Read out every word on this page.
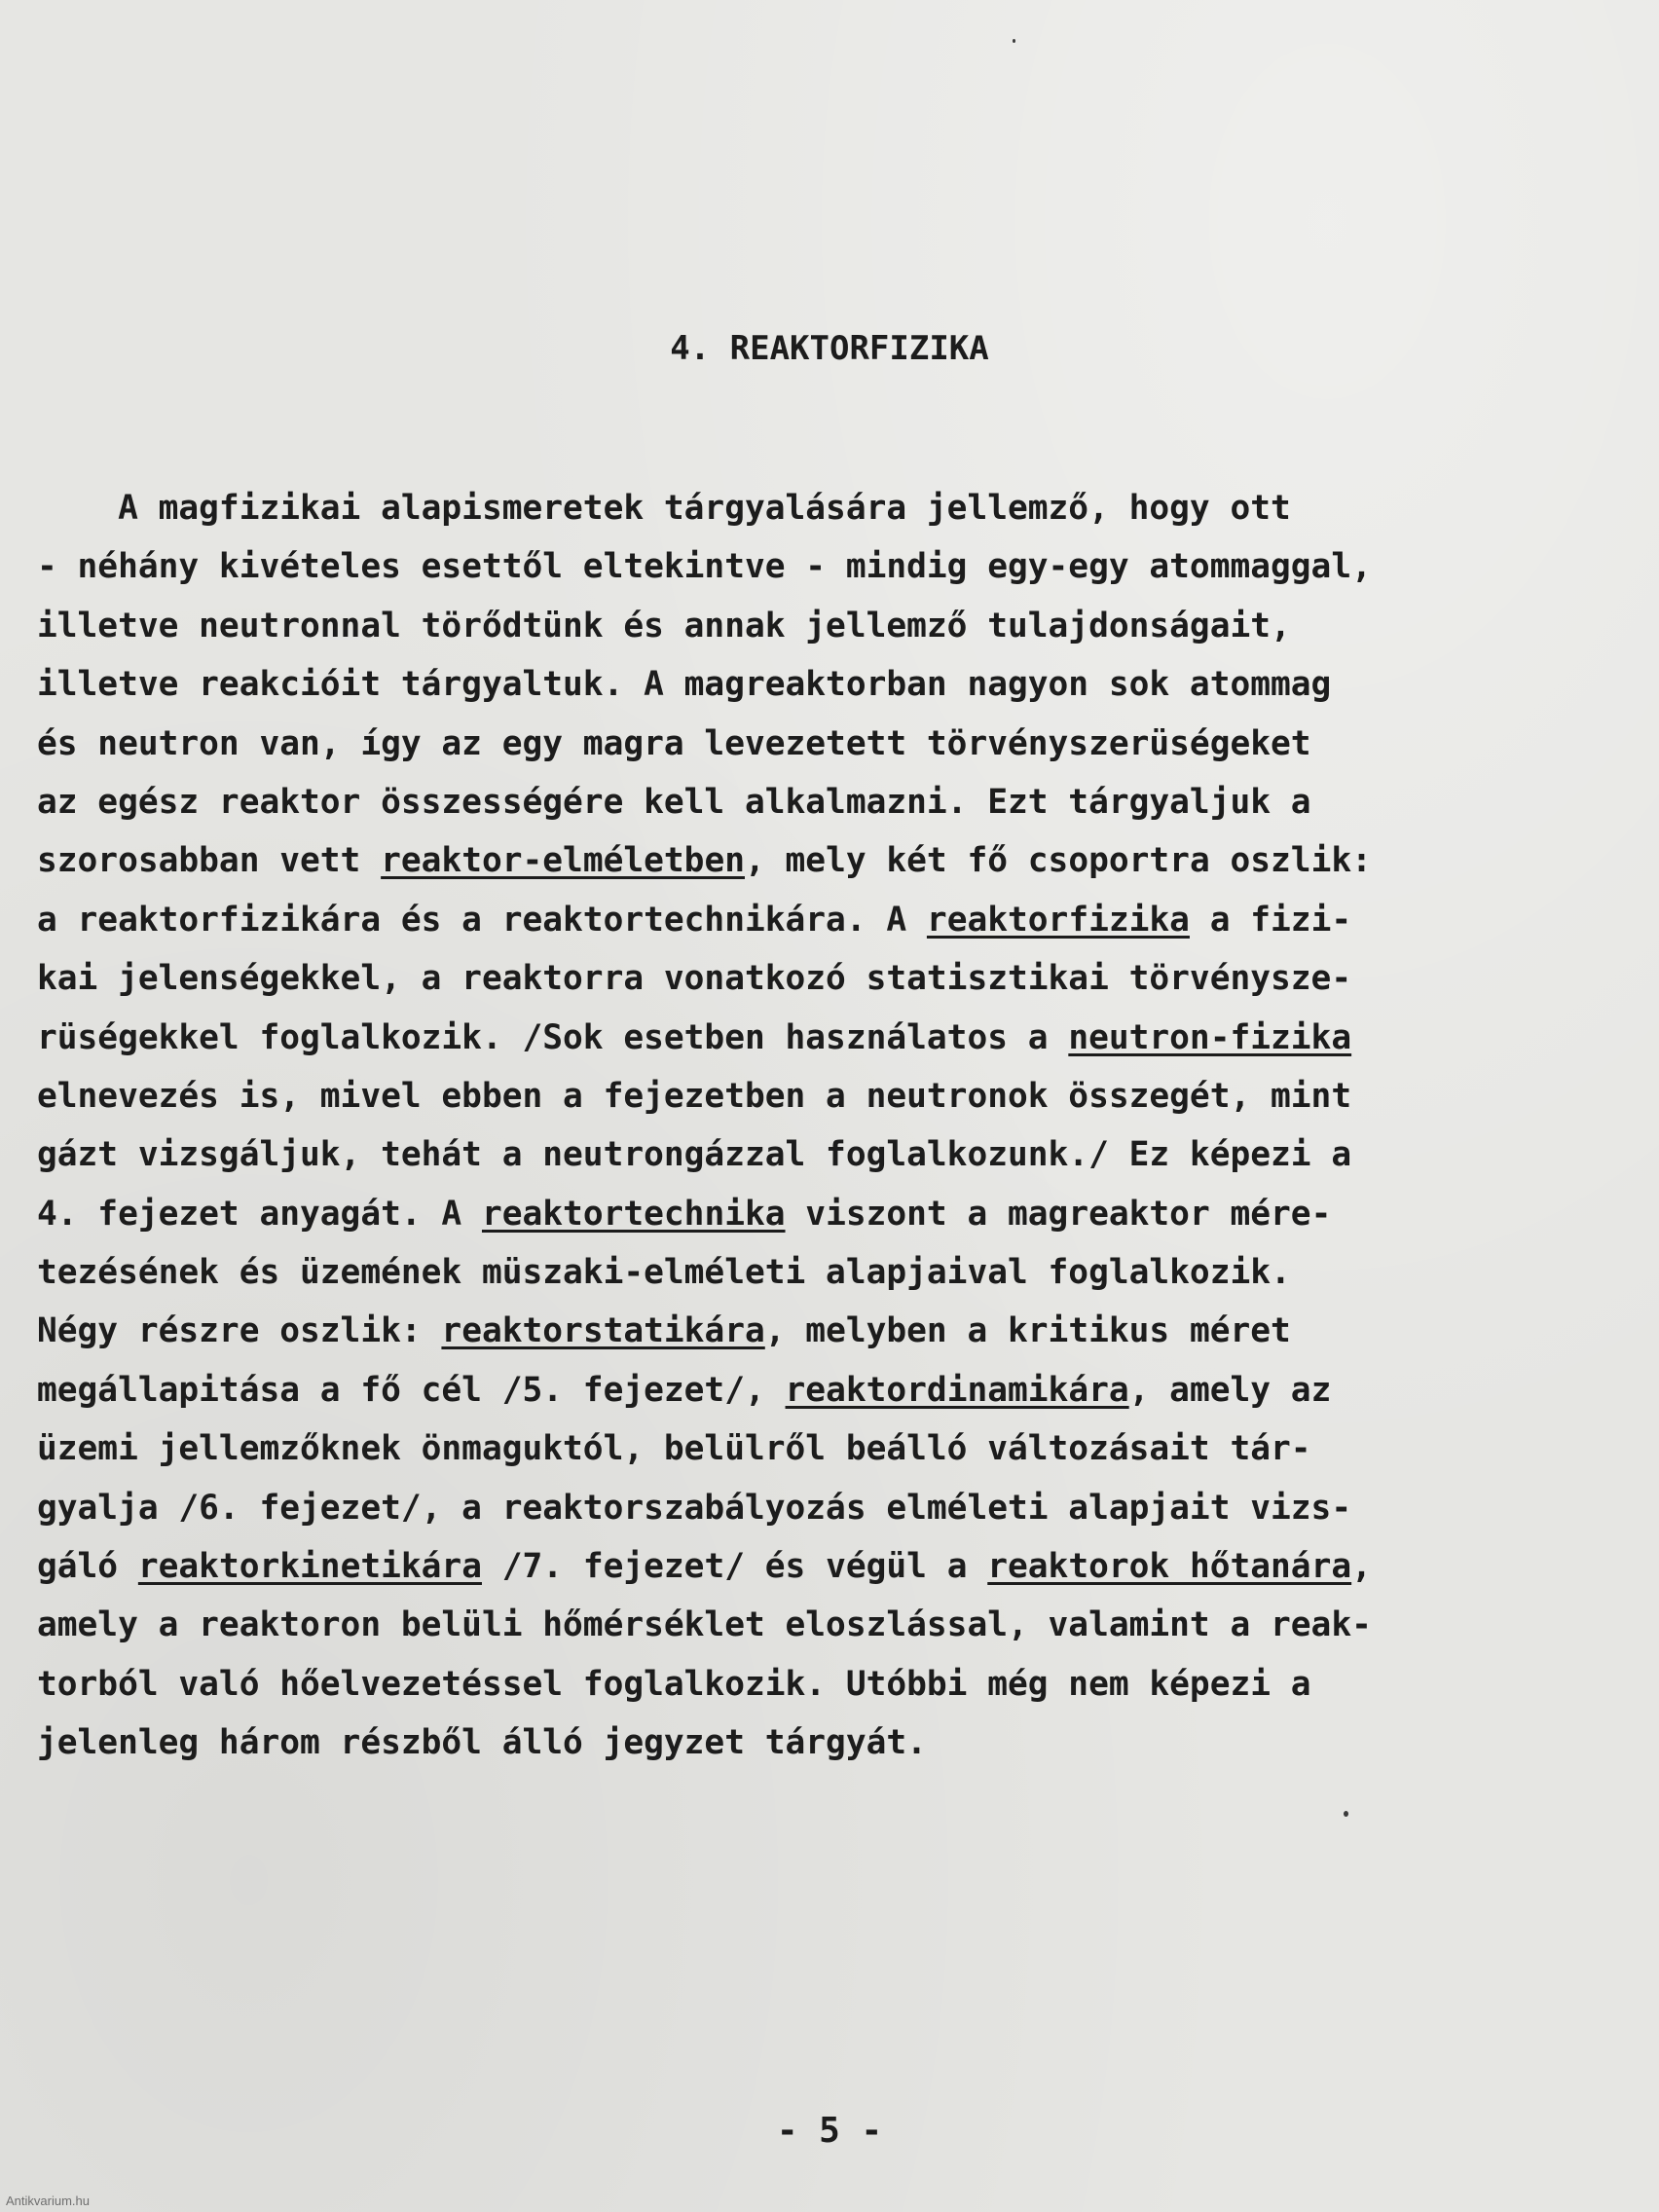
4. REAKTORFIZIKA
A magfizikai alapismeretek tárgyalására jellemző, hogy ott
- néhány kivételes esettől eltekintve - mindig egy-egy atommaggal,
illetve neutronnal törődtünk és annak jellemző tulajdonságait,
illetve reakcióit tárgyaltuk. A magreaktorban nagyon sok atommag
és neutron van, így az egy magra levezetett törvényszerüségeket
az egész reaktor összességére kell alkalmazni. Ezt tárgyaljuk a
szorosabban vett reaktor-elméletben, mely két fő csoportra oszlik:
a reaktorfizikára és a reaktortechnikára. A reaktorfizika a fizi-
kai jelenségekkel, a reaktorra vonatkozó statisztikai törvénysze-
rüségekkel foglalkozik. /Sok esetben használatos a neutron-fizika
elnevezés is, mivel ebben a fejezetben a neutronok összegét, mint
gázt vizsgáljuk, tehát a neutrongázzal foglalkozunk./ Ez képezi a
4. fejezet anyagát. A reaktortechnika viszont a magreaktor mére-
tezésének és üzemének müszaki-elméleti alapjaival foglalkozik.
Négy részre oszlik: reaktorstatikára, melyben a kritikus méret
megállapitása a fő cél /5. fejezet/, reaktordinamikára, amely az
üzemi jellemzőknek önmaguktól, belülről beálló változásait tár-
gyalja /6. fejezet/, a reaktorszabályozás elméleti alapjait vizs-
gáló reaktorkinetikára /7. fejezet/ és végül a reaktorok hőtanára,
amely a reaktoron belüli hőmérséklet eloszlással, valamint a reak-
torból való hőelvezetéssel foglalkozik. Utóbbi még nem képezi a
jelenleg három részből álló jegyzet tárgyát.
- 5 -
Antikvarium.hu
